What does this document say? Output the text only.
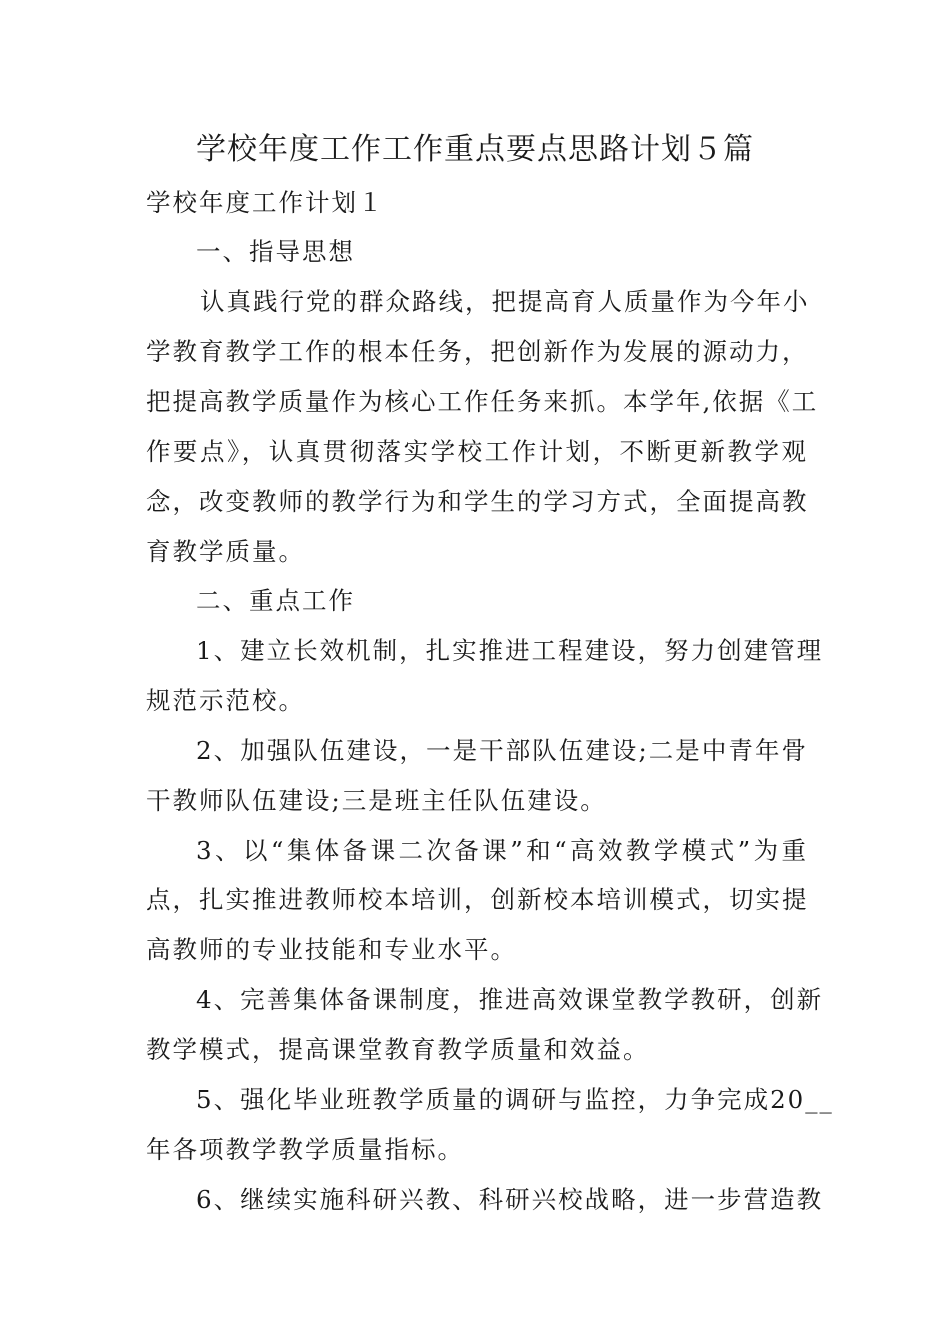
学校年度工作工作重点要点思路计划５篇
学校年度工作计划１
一、指导思想
认真践行党的群众路线，把提高育人质量作为今年小
学教育教学工作的根本任务，把创新作为发展的源动力，
把提高教学质量作为核心工作任务来抓。本学年,依据《工
作要点》，认真贯彻落实学校工作计划，不断更新教学观
念，改变教师的教学行为和学生的学习方式，全面提高教
育教学质量。
二、重点工作
1、建立长效机制，扎实推进工程建设，努力创建管理
规范示范校。
2、加强队伍建设，一是干部队伍建设;二是中青年骨
干教师队伍建设;三是班主任队伍建设。
3、以“集体备课二次备课”和“高效教学模式”为重
点，扎实推进教师校本培训，创新校本培训模式，切实提
高教师的专业技能和专业水平。
4、完善集体备课制度，推进高效课堂教学教研，创新
教学模式，提高课堂教育教学质量和效益。
5、强化毕业班教学质量的调研与监控，力争完成20__
年各项教学教学质量指标。
6、继续实施科研兴教、科研兴校战略，进一步营造教
